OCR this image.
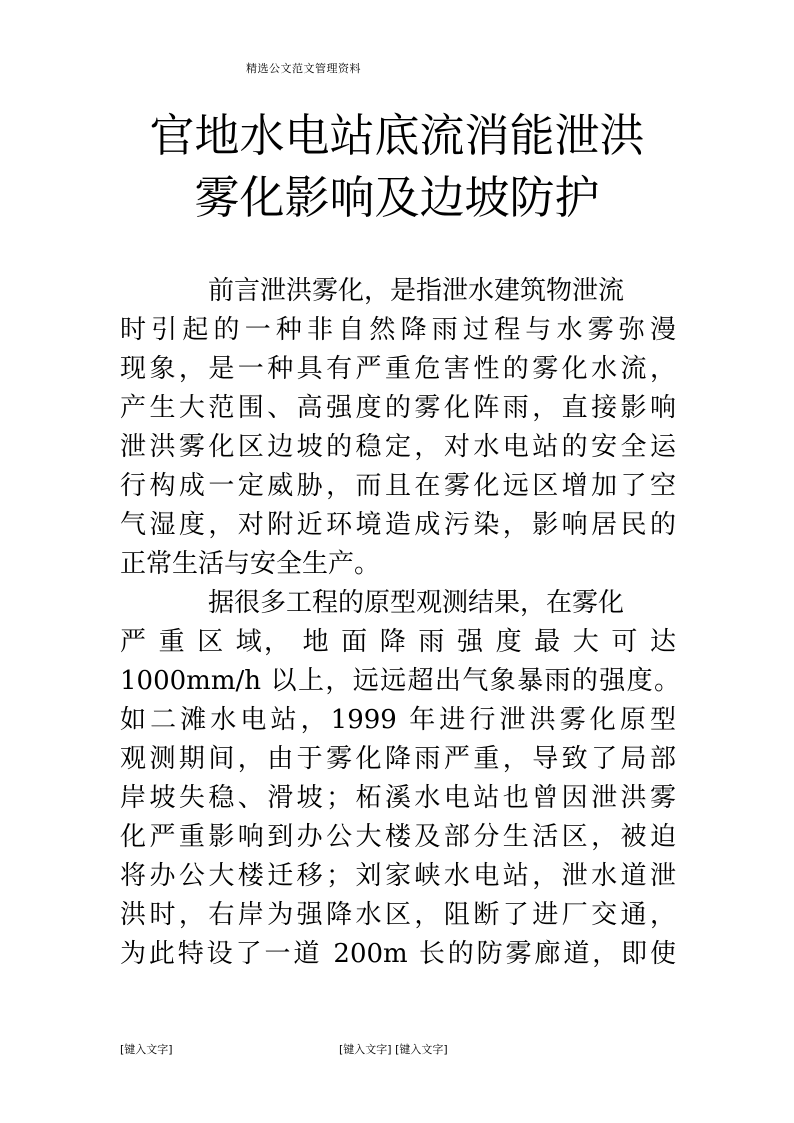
精选公文范文管理资料
官地水电站底流消能泄洪
雾化影响及边坡防护
前言泄洪雾化，是指泄水建筑物泄流
时引起的一种非自然降雨过程与水雾弥漫
现象，是一种具有严重危害性的雾化水流，
产生大范围、高强度的雾化阵雨，直接影响
泄洪雾化区边坡的稳定，对水电站的安全运
行构成一定威胁，而且在雾化远区增加了空
气湿度，对附近环境造成污染，影响居民的
正常生活与安全生产。
据很多工程的原型观测结果，在雾化
严 重 区 域， 地 面 降 雨 强 度 最 大 可 达
1000mm/h 以上，远远超出气象暴雨的强度。
如二滩水电站，1999 年进行泄洪雾化原型
观测期间，由于雾化降雨严重，导致了局部
岸坡失稳、滑坡；柘溪水电站也曾因泄洪雾
化严重影响到办公大楼及部分生活区，被迫
将办公大楼迁移；刘家峡水电站，泄水道泄
洪时，右岸为强降水区，阻断了进厂交通，
为此特设了一道 200m 长的防雾廊道，即使
[键入文字]	[键入文字] [键入文字]
